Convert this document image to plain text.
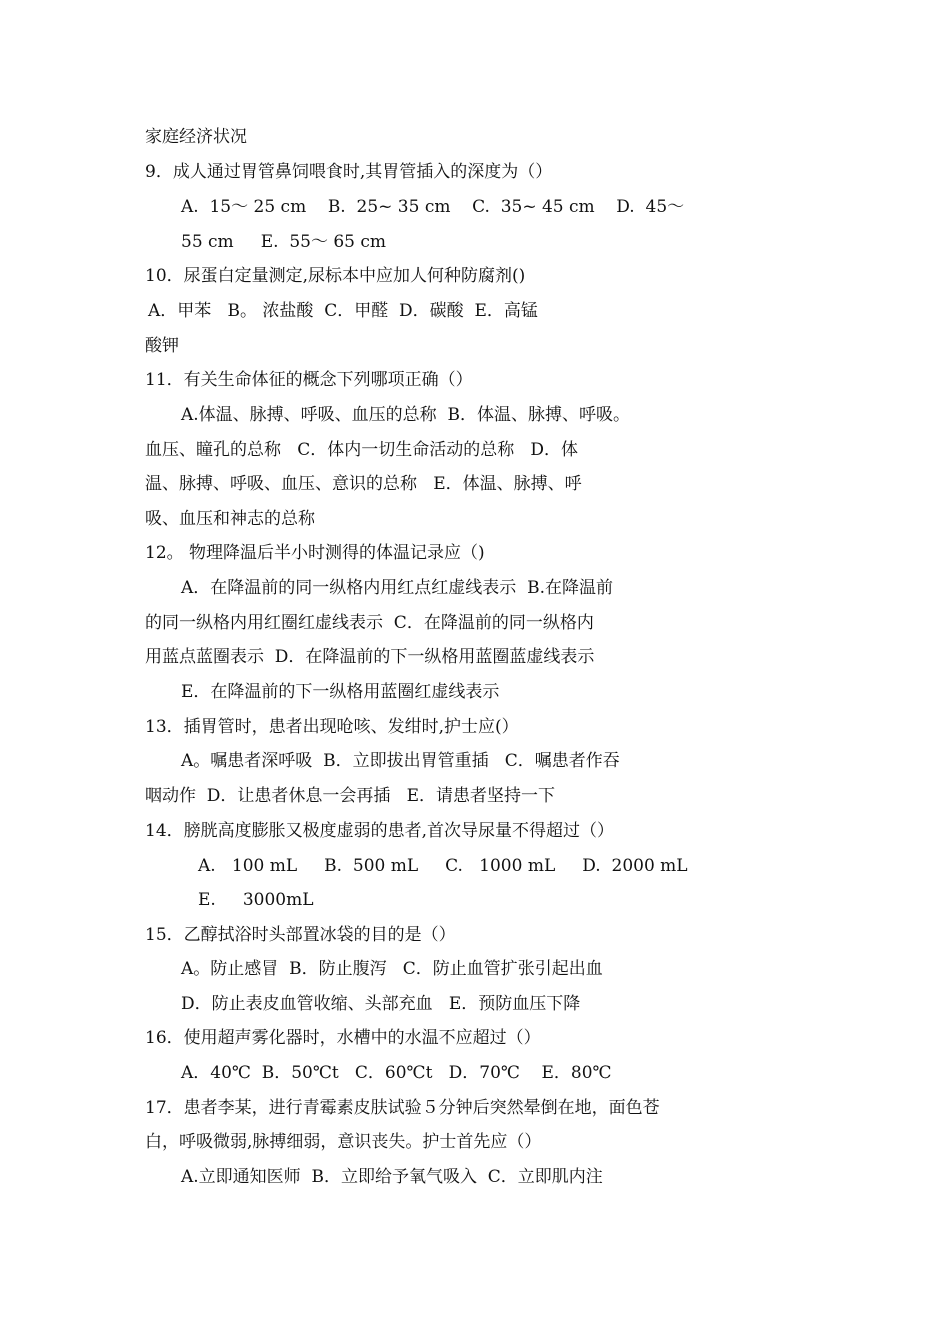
家庭经济状况

9．成人通过胃管鼻饲喂食时,其胃管插入的深度为（）

A.  15～ 25 cm    B.  25~ 35 cm    C.  35~ 45 cm    D.  45～

55 cm     E.  55～ 65 cm

10．尿蛋白定量测定,尿标本中应加人何种防腐剂()

A．甲苯   B。 浓盐酸  C．甲醛  D．碳酸  E．高锰

酸钾

11．有关生命体征的概念下列哪项正确（）

A.体温、脉搏、呼吸、血压的总称  B．体温、脉搏、呼吸。

血压、瞳孔的总称   C．体内一切生命活动的总称   D．体

温、脉搏、呼吸、血压、意识的总称   E．体温、脉搏、呼

吸、血压和神志的总称

12。 物理降温后半小时测得的体温记录应（)

A．在降温前的同一纵格内用红点红虚线表示  B.在降温前

的同一纵格内用红圈红虚线表示  C．在降温前的同一纵格内

用蓝点蓝圈表示  D．在降温前的下一纵格用蓝圈蓝虚线表示

E．在降温前的下一纵格用蓝圈红虚线表示

13．插胃管时，患者出现呛咳、发绀时,护士应(）

A。嘱患者深呼吸  B．立即拔出胃管重插   C．嘱患者作吞

咽动作  D．让患者休息一会再插   E．请患者坚持一下

14．膀胱高度膨胀又极度虚弱的患者,首次导尿量不得超过（）

A.   100 mL     B.  500 mL     C.   1000 mL     D.  2000 mL

E.     3000mL

15．乙醇拭浴时头部置冰袋的目的是（）

A。防止感冒  B．防止腹泻   C．防止血管扩张引起出血

D．防止表皮血管收缩、头部充血   E．预防血压下降

16．使用超声雾化器时，水槽中的水温不应超过（）

A．40℃  B．50℃t   C．60℃t   D．70℃    E．80℃

17．患者李某，进行青霉素皮肤试验５分钟后突然晕倒在地，面色苍

白，呼吸微弱,脉搏细弱，意识丧失。护士首先应（）

A.立即通知医师  B．立即给予氧气吸入  C．立即肌内注
